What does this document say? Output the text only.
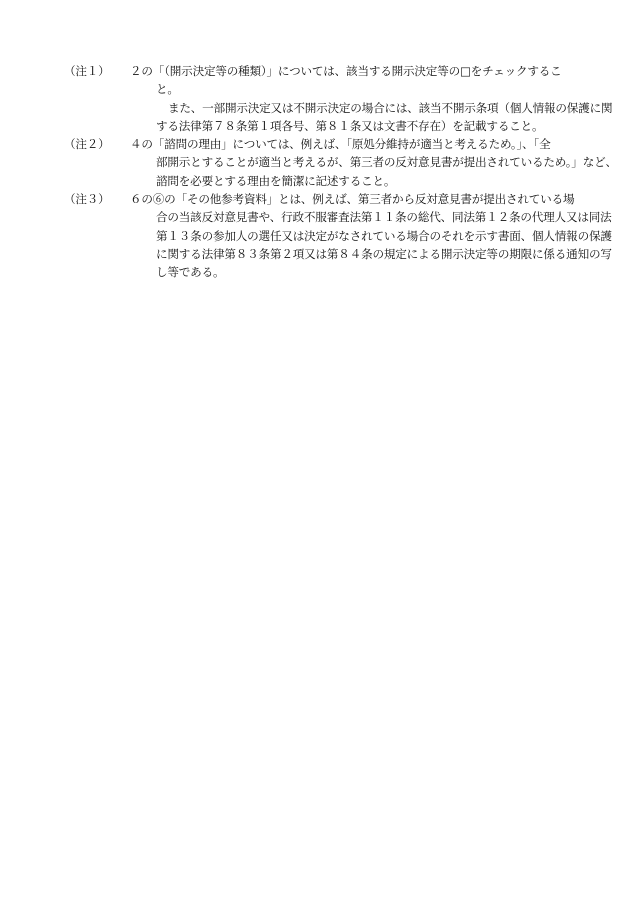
（注１）	２の「（開示決定等の種類）」については、該当する開示決定等の□をチェックするこ
と。
また、一部開示決定又は不開示決定の場合には、該当不開示条項（個人情報の保護に関
する法律第７８条第１項各号、第８１条又は文書不存在）を記載すること。
（注２）	４の「諮問の理由」については、例えば、「原処分維持が適当と考えるため。」、「全
部開示とすることが適当と考えるが、第三者の反対意見書が提出されているため。」など、
諮問を必要とする理由を簡潔に記述すること。
（注３）	６の⑥の「その他参考資料」とは、例えば、第三者から反対意見書が提出されている場
合の当該反対意見書や、行政不服審査法第１１条の総代、同法第１２条の代理人又は同法
第１３条の参加人の選任又は決定がなされている場合のそれを示す書面、個人情報の保護
に関する法律第８３条第２項又は第８４条の規定による開示決定等の期限に係る通知の写
し等である。
